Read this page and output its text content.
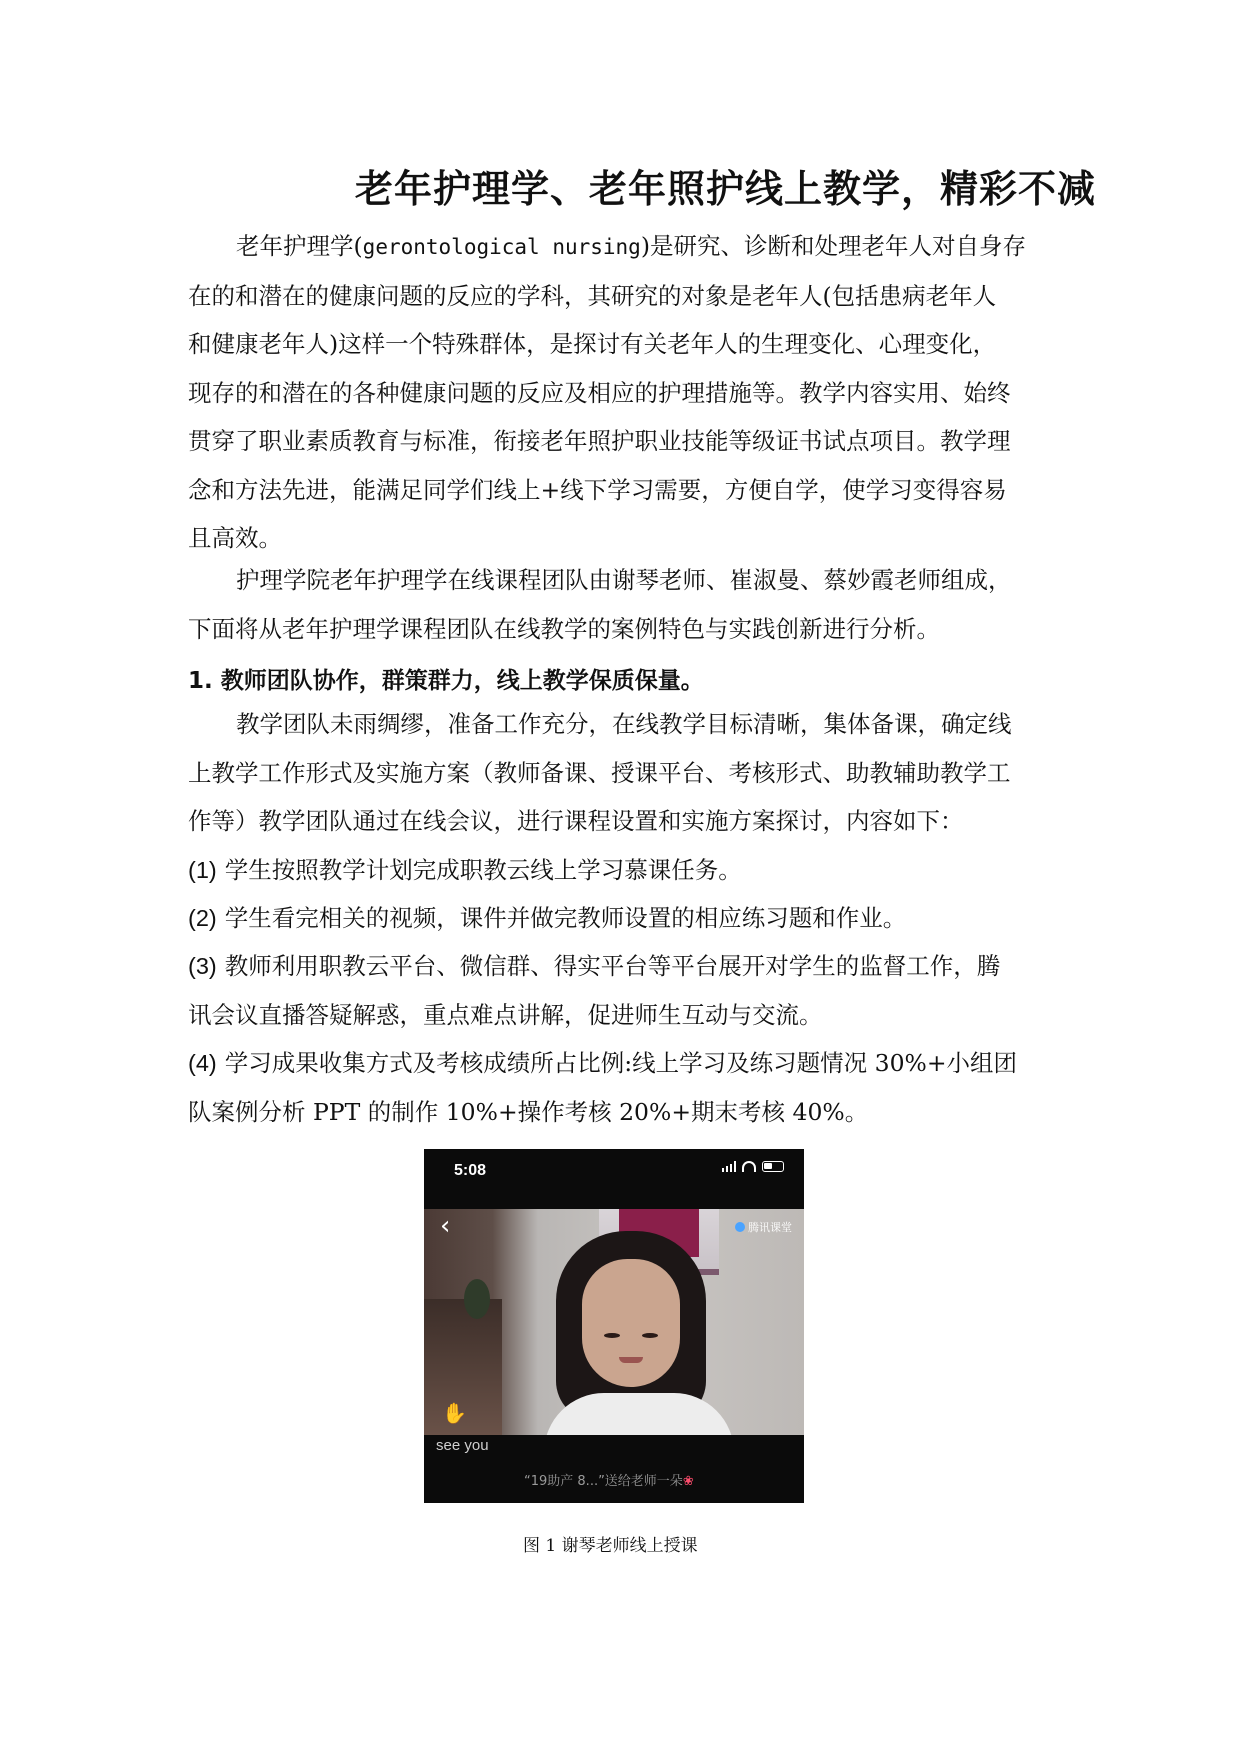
老年护理学、老年照护线上教学，精彩不减
老年护理学(gerontological nursing)是研究、诊断和处理老年人对自身存
在的和潜在的健康问题的反应的学科，其研究的对象是老年人(包括患病老年人
和健康老年人)这样一个特殊群体，是探讨有关老年人的生理变化、心理变化，
现存的和潜在的各种健康问题的反应及相应的护理措施等。教学内容实用、始终
贯穿了职业素质教育与标准，衔接老年照护职业技能等级证书试点项目。教学理
念和方法先进，能满足同学们线上+线下学习需要，方便自学，使学习变得容易
且高效。
护理学院老年护理学在线课程团队由谢琴老师、崔淑曼、蔡妙霞老师组成，
下面将从老年护理学课程团队在线教学的案例特色与实践创新进行分析。
1. 教师团队协作，群策群力，线上教学保质保量。
教学团队未雨绸缪，准备工作充分，在线教学目标清晰，集体备课，确定线
上教学工作形式及实施方案（教师备课、授课平台、考核形式、助教辅助教学工
作等）教学团队通过在线会议，进行课程设置和实施方案探讨，内容如下：
(1) 学生按照教学计划完成职教云线上学习慕课任务。
(2) 学生看完相关的视频，课件并做完教师设置的相应练习题和作业。
(3) 教师利用职教云平台、微信群、得实平台等平台展开对学生的监督工作，腾
讯会议直播答疑解惑，重点难点讲解，促进师生互动与交流。
(4) 学习成果收集方式及考核成绩所占比例:线上学习及练习题情况 30%+小组团
队案例分析 PPT 的制作 10%+操作考核 20%+期末考核 40%。
5:08
‹	腾讯课堂
✋
see you
“19助产 8...”送给老师一朵❀
图 1 谢琴老师线上授课
